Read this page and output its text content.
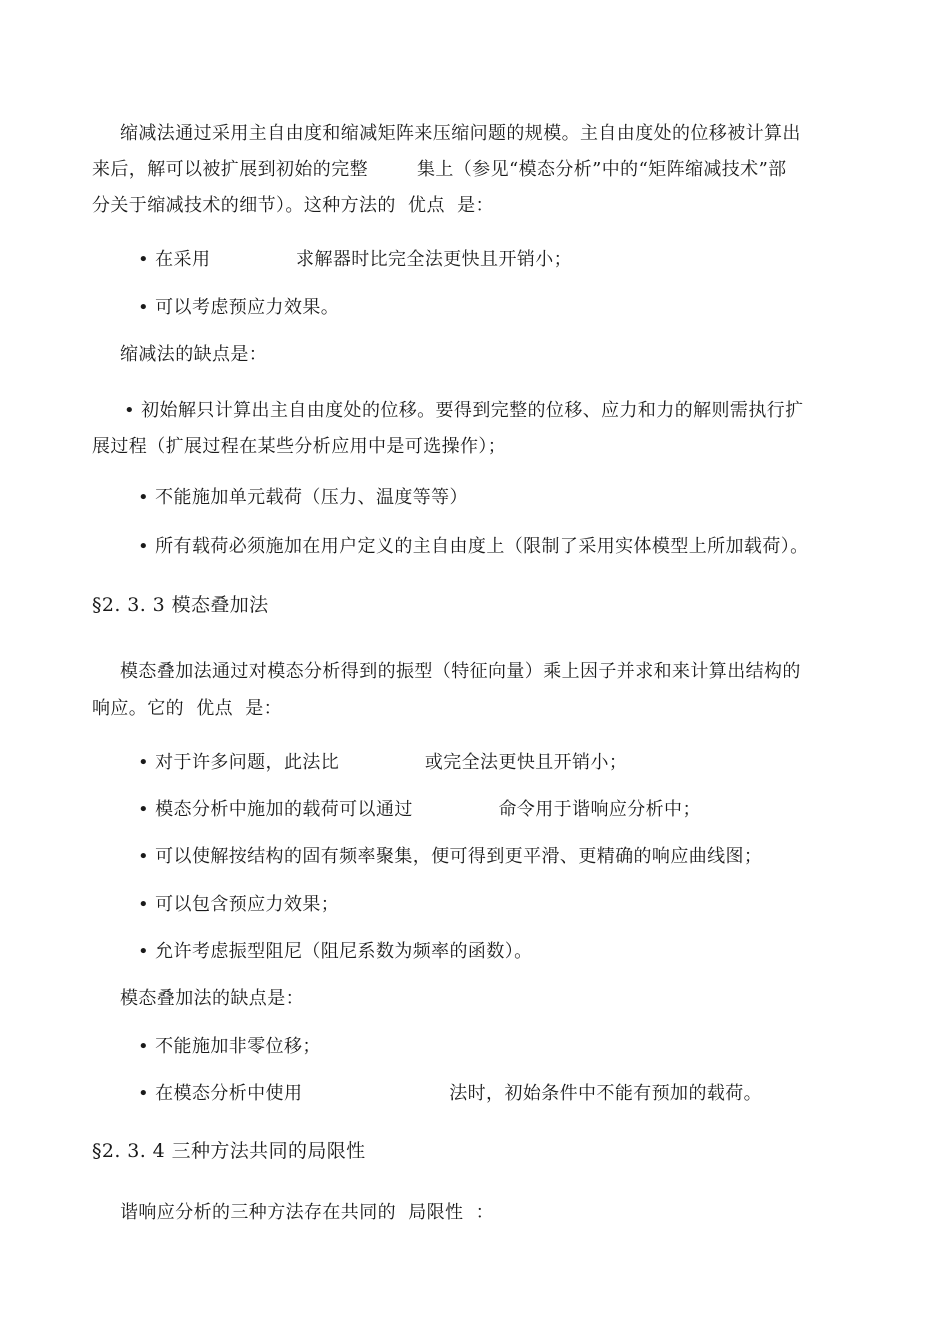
缩减法通过采用主自由度和缩减矩阵来压缩问题的规模。主自由度处的位移被计算出
来后，解可以被扩展到初始的完整        集上（参见“模态分析”中的“矩阵缩减技术”部
分关于缩减技术的细节）。这种方法的  优点  是：
• 在采用              求解器时比完全法更快且开销小；
• 可以考虑预应力效果。
缩减法的缺点是：
• 初始解只计算出主自由度处的位移。要得到完整的位移、应力和力的解则需执行扩
展过程（扩展过程在某些分析应用中是可选操作）；
• 不能施加单元载荷（压力、温度等等）
• 所有载荷必须施加在用户定义的主自由度上（限制了采用实体模型上所加载荷）。
§2. 3. 3 模态叠加法
模态叠加法通过对模态分析得到的振型（特征向量）乘上因子并求和来计算出结构的
响应。它的  优点  是：
• 对于许多问题，此法比              或完全法更快且开销小；
• 模态分析中施加的载荷可以通过              命令用于谐响应分析中；
• 可以使解按结构的固有频率聚集，便可得到更平滑、更精确的响应曲线图；
• 可以包含预应力效果；
• 允许考虑振型阻尼（阻尼系数为频率的函数）。
模态叠加法的缺点是：
• 不能施加非零位移；
• 在模态分析中使用                        法时，初始条件中不能有预加的载荷。
§2. 3. 4 三种方法共同的局限性
谐响应分析的三种方法存在共同的  局限性  ：
